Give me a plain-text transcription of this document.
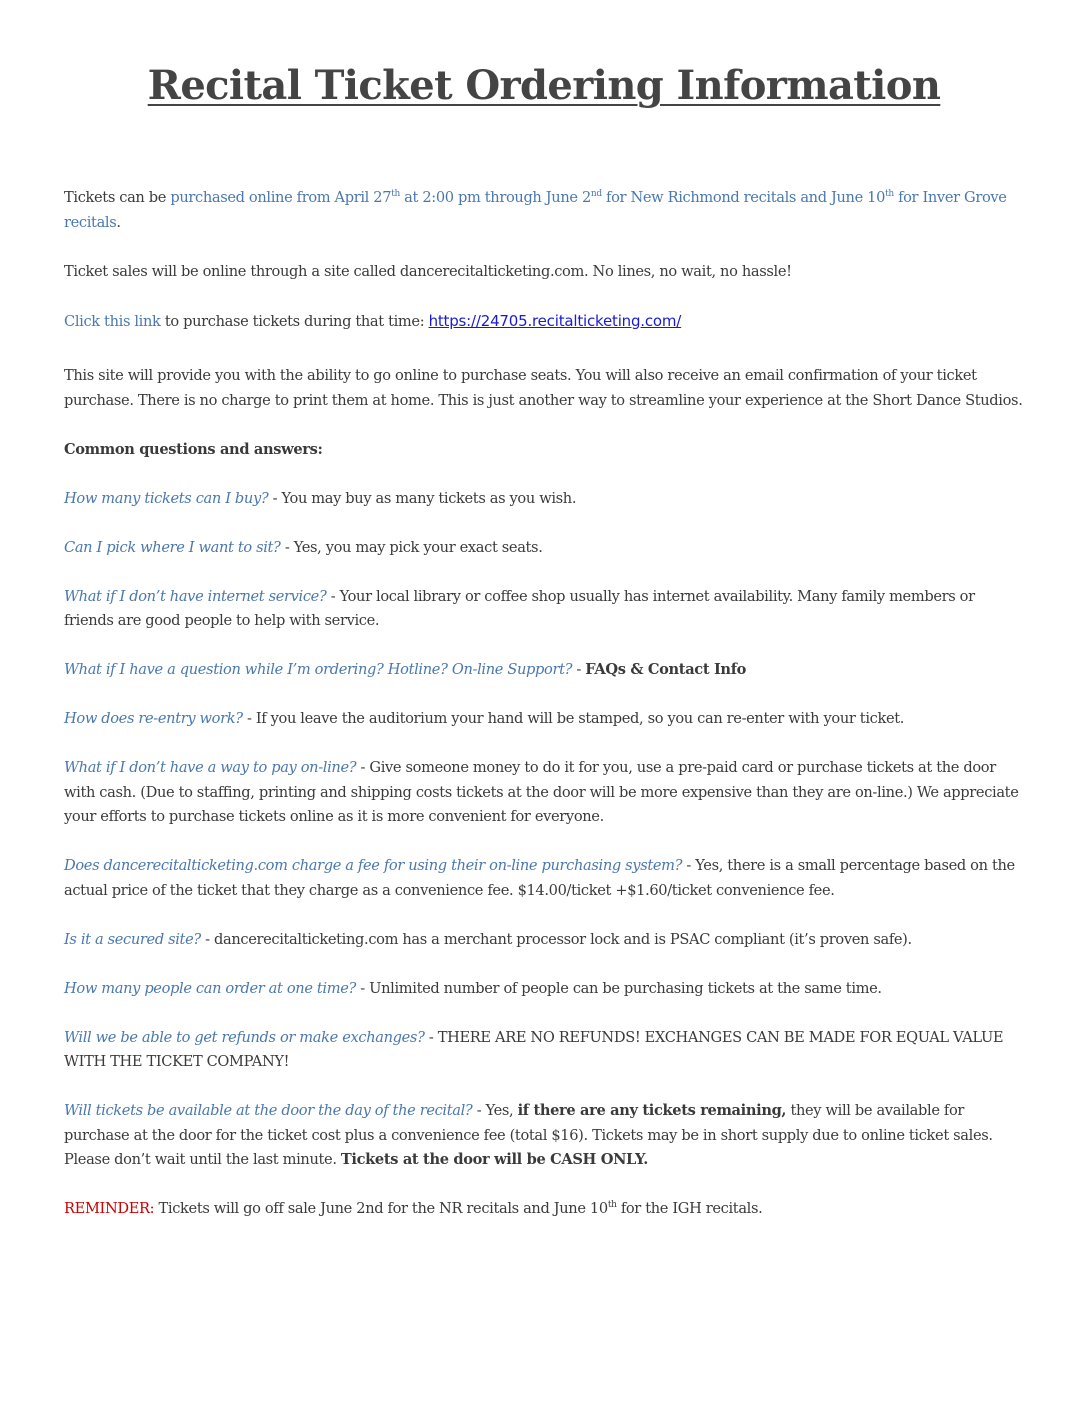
Recital Ticket Ordering Information

Tickets can be purchased online from April 27th at 2:00 pm through June 2nd for New Richmond recitals and June 10th for Inver Grove recitals.

Ticket sales will be online through a site called dancerecitalticketing.com. No lines, no wait, no hassle!

Click this link to purchase tickets during that time: https://24705.recitalticketing.com/

This site will provide you with the ability to go online to purchase seats. You will also receive an email confirmation of your ticket purchase. There is no charge to print them at home. This is just another way to streamline your experience at the Short Dance Studios.

Common questions and answers:

How many tickets can I buy? - You may buy as many tickets as you wish.

Can I pick where I want to sit? - Yes, you may pick your exact seats.

What if I don’t have internet service? - Your local library or coffee shop usually has internet availability. Many family members or friends are good people to help with service.

What if I have a question while I’m ordering? Hotline? On-line Support? - FAQs & Contact Info

How does re-entry work? - If you leave the auditorium your hand will be stamped, so you can re-enter with your ticket.

What if I don’t have a way to pay on-line? - Give someone money to do it for you, use a pre-paid card or purchase tickets at the door with cash. (Due to staffing, printing and shipping costs tickets at the door will be more expensive than they are on-line.) We appreciate your efforts to purchase tickets online as it is more convenient for everyone.

Does dancerecitalticketing.com charge a fee for using their on-line purchasing system? - Yes, there is a small percentage based on the actual price of the ticket that they charge as a convenience fee. $14.00/ticket +$1.60/ticket convenience fee.

Is it a secured site? - dancerecitalticketing.com has a merchant processor lock and is PSAC compliant (it’s proven safe).

How many people can order at one time? - Unlimited number of people can be purchasing tickets at the same time.

Will we be able to get refunds or make exchanges? - THERE ARE NO REFUNDS! EXCHANGES CAN BE MADE FOR EQUAL VALUE WITH THE TICKET COMPANY!

Will tickets be available at the door the day of the recital? - Yes, if there are any tickets remaining, they will be available for purchase at the door for the ticket cost plus a convenience fee (total $16). Tickets may be in short supply due to online ticket sales. Please don’t wait until the last minute. Tickets at the door will be CASH ONLY.

REMINDER: Tickets will go off sale June 2nd for the NR recitals and June 10th for the IGH recitals.
